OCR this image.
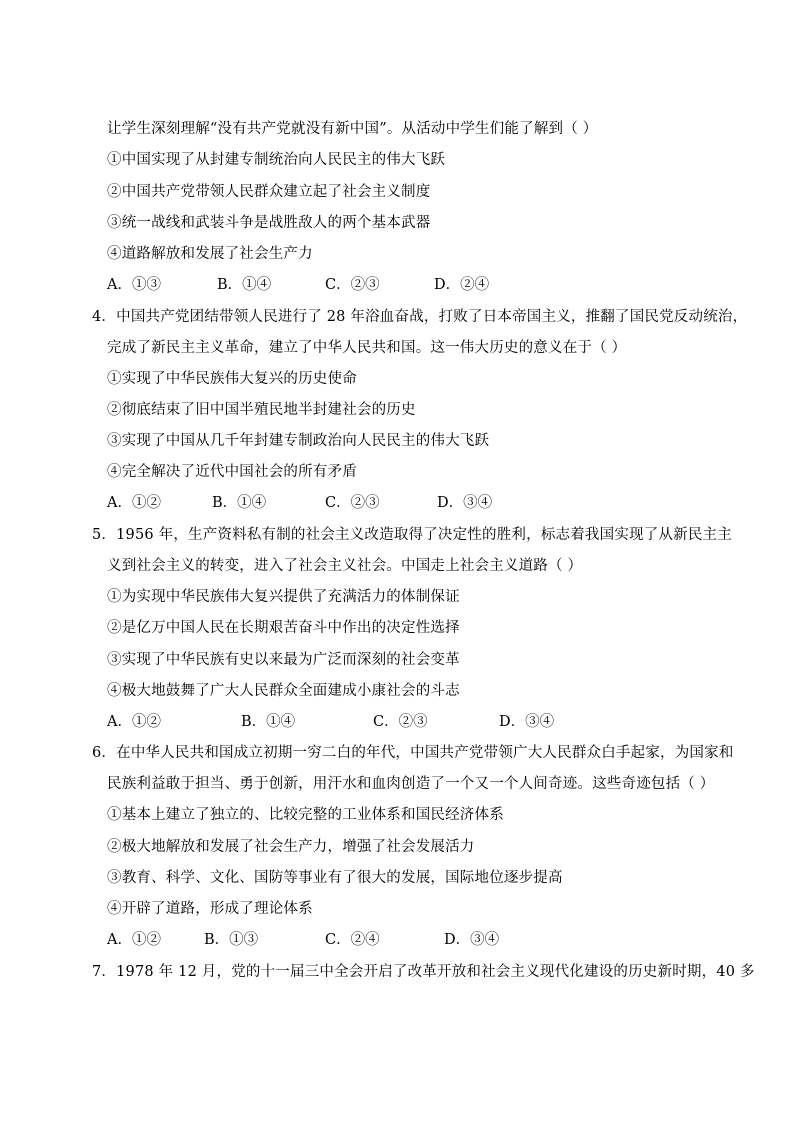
让学生深刻理解“没有共产党就没有新中国”。从活动中学生们能了解到（ ）
①中国实现了从封建专制统治向人民民主的伟大飞跃
②中国共产党带领人民群众建立起了社会主义制度
③统一战线和武装斗争是战胜敌人的两个基本武器
④道路解放和发展了社会生产力
A．①③	B．①④	C．②③	D．②④
4．中国共产党团结带领人民进行了 28 年浴血奋战，打败了日本帝国主义，推翻了国民党反动统治，
完成了新民主主义革命，建立了中华人民共和国。这一伟大历史的意义在于（ ）
①实现了中华民族伟大复兴的历史使命
②彻底结束了旧中国半殖民地半封建社会的历史
③实现了中国从几千年封建专制政治向人民民主的伟大飞跃
④完全解决了近代中国社会的所有矛盾
A．①②	B．①④	C．②③	D．③④
5．1956 年，生产资料私有制的社会主义改造取得了决定性的胜利，标志着我国实现了从新民主主
义到社会主义的转变，进入了社会主义社会。中国走上社会主义道路（ ）
①为实现中华民族伟大复兴提供了充满活力的体制保证
②是亿万中国人民在长期艰苦奋斗中作出的决定性选择
③实现了中华民族有史以来最为广泛而深刻的社会变革
④极大地鼓舞了广大人民群众全面建成小康社会的斗志
A．①②	B．①④	C．②③	D．③④
6．在中华人民共和国成立初期一穷二白的年代，中国共产党带领广大人民群众白手起家，为国家和
民族利益敢于担当、勇于创新，用汗水和血肉创造了一个又一个人间奇迹。这些奇迹包括（ ）
①基本上建立了独立的、比较完整的工业体系和国民经济体系
②极大地解放和发展了社会生产力，增强了社会发展活力
③教育、科学、文化、国防等事业有了很大的发展，国际地位逐步提高
④开辟了道路，形成了理论体系
A．①②	B．①③	C．②④	D．③④
7．1978 年 12 月，党的十一届三中全会开启了改革开放和社会主义现代化建设的历史新时期，40 多
